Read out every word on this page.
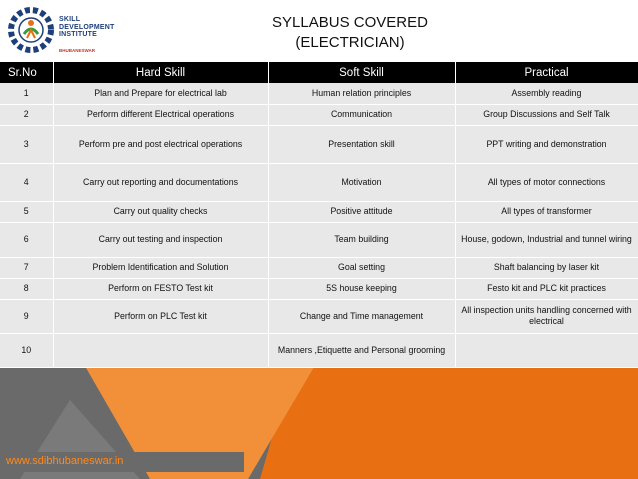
SKILL
DEVELOPMENT
INSTITUTE
BHUBANESWAR
SYLLABUS COVERED
(ELECTRICIAN)
Sr.No	Hard Skill	Soft Skill	Practical
1	Plan and Prepare for electrical lab	Human relation principles	Assembly reading
2	Perform different Electrical operations	Communication	Group Discussions and Self Talk
3	Perform pre and post electrical operations	Presentation skill	PPT writing and demonstration
4	Carry out reporting and documentations	Motivation	All types of motor connections
5	Carry out quality checks	Positive attitude	All types of transformer
6	Carry out testing and inspection	Team building	House, godown, Industrial and tunnel wiring
7	Problem Identification and Solution	Goal setting	Shaft balancing by laser kit
8	Perform on FESTO Test kit	5S house keeping	Festo kit and PLC kit practices
9	Perform on PLC Test kit	Change and Time management	All inspection units handling concerned with electrical
10		Manners ,Etiquette and Personal grooming	
www.sdibhubaneswar.in
